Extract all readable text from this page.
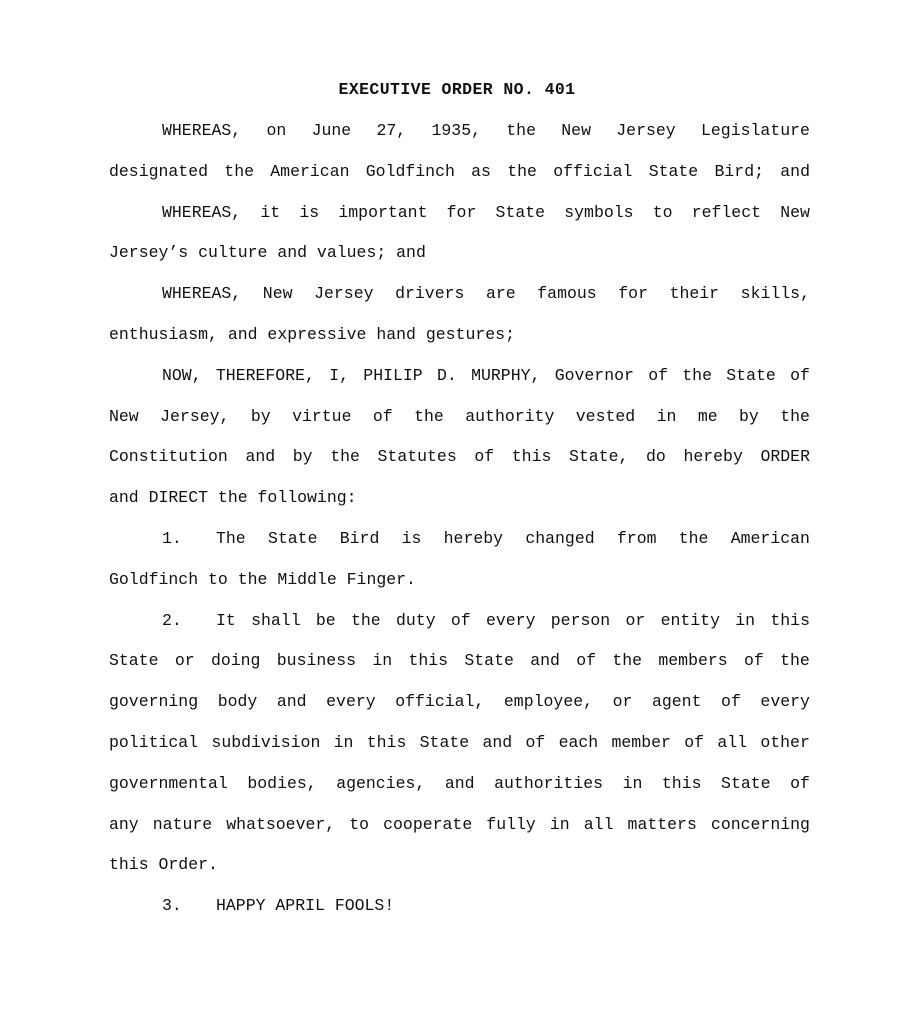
EXECUTIVE ORDER NO. 401
WHEREAS, on June 27, 1935, the New Jersey Legislature
designated the American Goldfinch as the official State Bird; and
WHEREAS, it is important for State symbols to reflect New
Jersey’s culture and values; and
WHEREAS, New Jersey drivers are famous for their skills,
enthusiasm, and expressive hand gestures;
NOW, THEREFORE, I, PHILIP D. MURPHY, Governor of the State of
New Jersey, by virtue of the authority vested in me by the
Constitution and by the Statutes of this State, do hereby ORDER
and DIRECT the following:
1.	The State Bird is hereby changed from the American
Goldfinch to the Middle Finger.
2.	It shall be the duty of every person or entity in this
State or doing business in this State and of the members of the
governing body and every official, employee, or agent of every
political subdivision in this State and of each member of all other
governmental bodies, agencies, and authorities in this State of
any nature whatsoever, to cooperate fully in all matters concerning
this Order.
3.	HAPPY APRIL FOOLS!
